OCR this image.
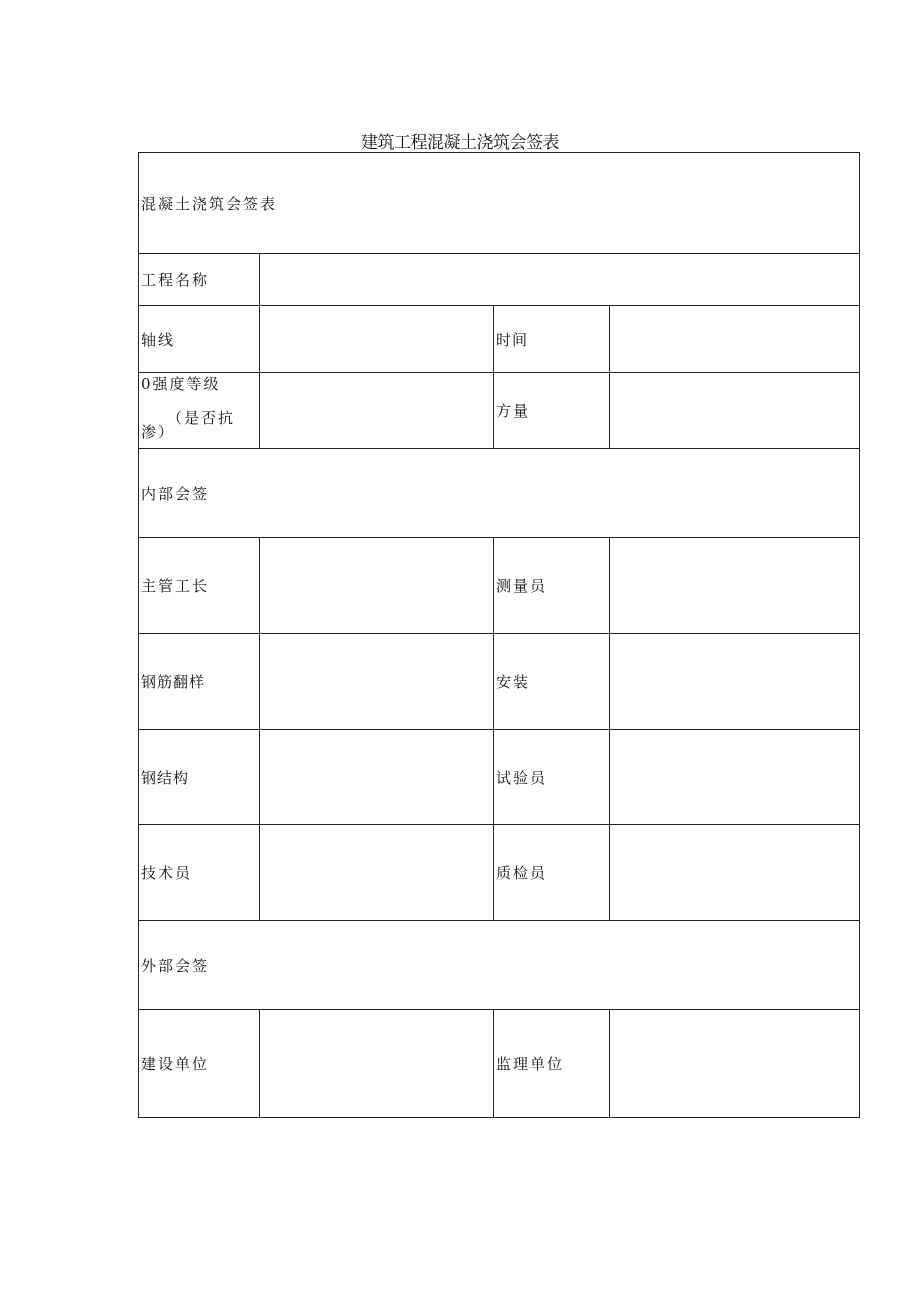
建筑工程混凝土浇筑会签表
混凝土浇筑会签表			
工程名称			
轴线		时间	

0强度等级
（是否抗
渗）		方量	
内部会签			
主管工长		测量员	
钢筋翻样		安装	
钢结构		试验员	
技术员		质检员	
外部会签			
建设单位		监理单位	
